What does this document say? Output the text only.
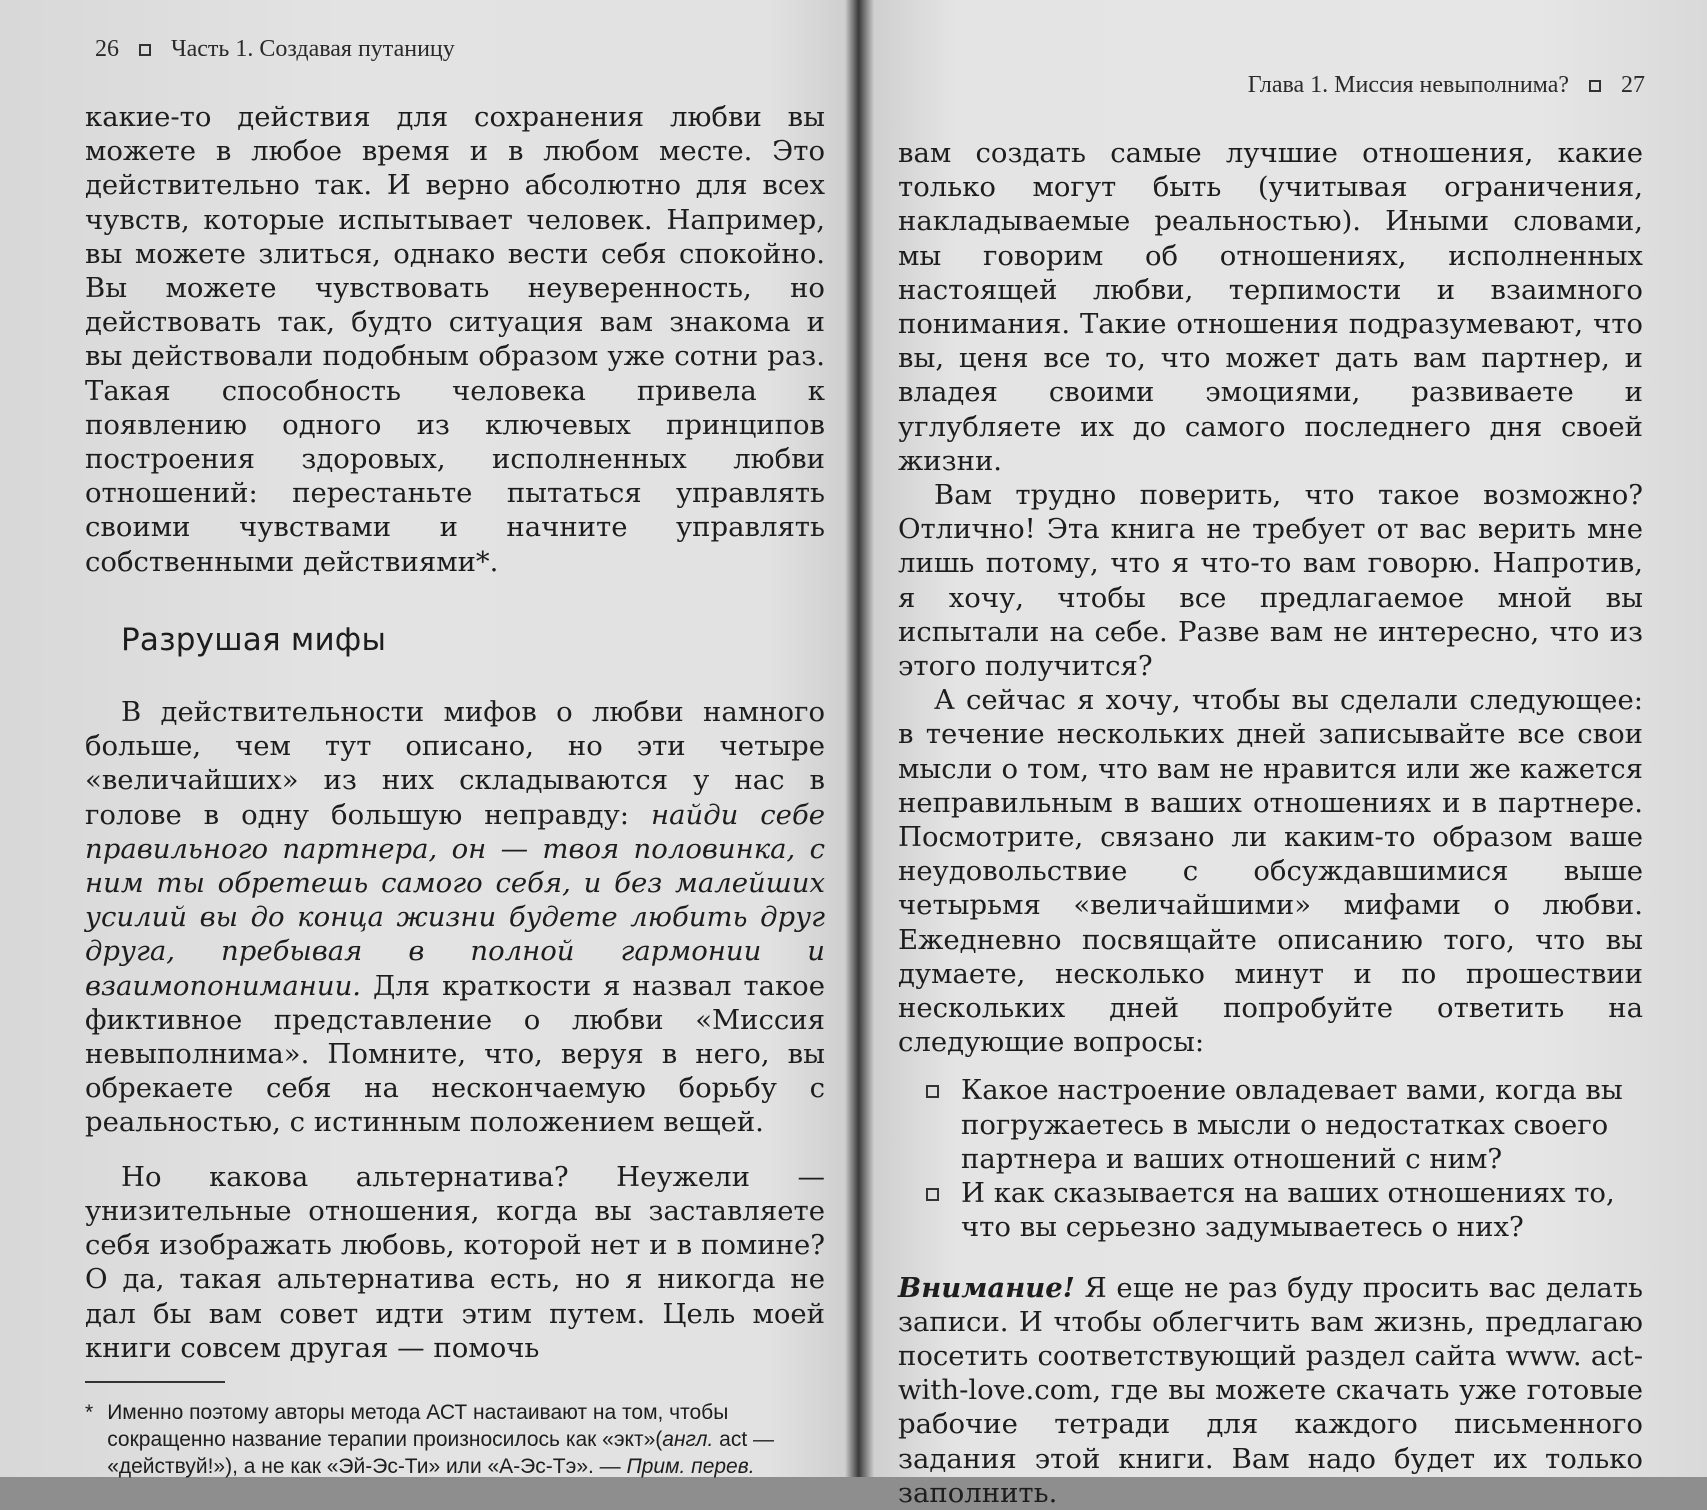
26 Часть 1. Создавая путаницу

какие-то действия для сохранения любви вы можете в любое время и в любом месте. Это действительно так. И верно абсолютно для всех чувств, которые испытывает человек. Например, вы можете злиться, однако вести себя спокойно. Вы можете чувствовать неуверенность, но действовать так, будто ситуация вам знакома и вы действовали подобным образом уже сотни раз. Такая способность человека привела к появлению одного из ключевых принципов построения здоровых, исполненных любви отношений: перестаньте пытаться управлять своими чувствами и начните управлять собственными действиями*.

Разрушая мифы

В действительности мифов о любви намного больше, чем тут описано, но эти четыре «величайших» из них складываются у нас в голове в одну большую неправду: найди себе правильного партнера, он — твоя половинка, с ним ты обретешь самого себя, и без малейших усилий вы до конца жизни будете любить друг друга, пребывая в полной гармонии и взаимопонимании. Для краткости я назвал такое фиктивное представление о любви «Миссия невыполнима». Помните, что, веруя в него, вы обрекаете себя на нескончаемую борьбу с реальностью, с истинным положением вещей.

Но какова альтернатива? Неужели — унизительные отношения, когда вы заставляете себя изображать любовь, которой нет и в помине? О да, такая альтернатива есть, но я никогда не дал бы вам совет идти этим путем. Цель моей книги совсем другая — помочь

* Именно поэтому авторы метода АСТ настаивают на том, чтобы сокращенно название терапии произносилось как «экт»(англ. act — «действуй!»), а не как «Эй-Эс-Ти» или «А-Эс-Тэ». — Прим. перев.
Глава 1. Миссия невыполнима? 27

вам создать самые лучшие отношения, какие только могут быть (учитывая ограничения, накладываемые реальностью). Иными словами, мы говорим об отношениях, исполненных настоящей любви, терпимости и взаимного понимания. Такие отношения подразумевают, что вы, ценя все то, что может дать вам партнер, и владея своими эмоциями, развиваете и углубляете их до самого последнего дня своей жизни.

Вам трудно поверить, что такое возможно? Отлично! Эта книга не требует от вас верить мне лишь потому, что я что-то вам говорю. Напротив, я хочу, чтобы все предлагаемое мной вы испытали на себе. Разве вам не интересно, что из этого получится?

А сейчас я хочу, чтобы вы сделали следующее: в течение нескольких дней записывайте все свои мысли о том, что вам не нравится или же кажется неправильным в ваших отношениях и в партнере. Посмотрите, связано ли каким-то образом ваше неудовольствие с обсуждавшимися выше четырьмя «величайшими» мифами о любви. Ежедневно посвящайте описанию того, что вы думаете, несколько минут и по прошествии нескольких дней попробуйте ответить на следующие вопросы:

Какое настроение овладевает вами, когда вы погружаетесь в мысли о недостатках своего партнера и ваших отношений с ним?
И как сказывается на ваших отношениях то, что вы серьезно задумываетесь о них?

Внимание! Я еще не раз буду просить вас делать записи. И чтобы облегчить вам жизнь, предлагаю посетить соответствующий раздел сайта www. act-with-love.com, где вы можете скачать уже готовые рабочие тетради для каждого письменного задания этой книги. Вам надо будет их только заполнить.
